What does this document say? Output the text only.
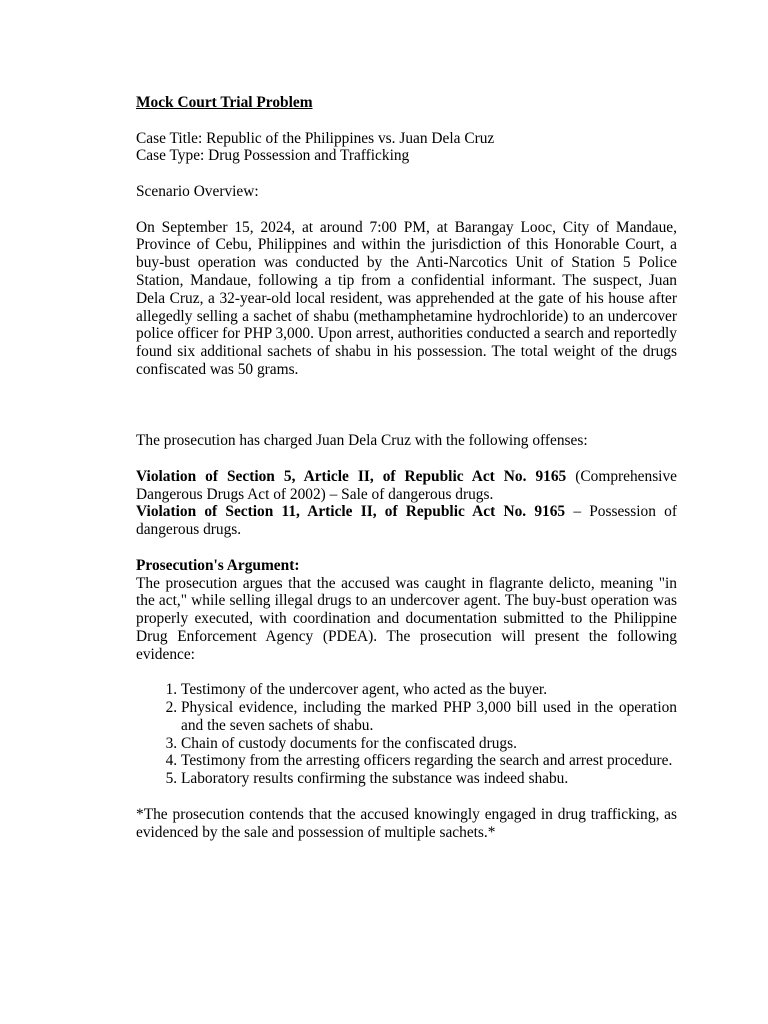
Mock Court Trial Problem

Case Title: Republic of the Philippines vs. Juan Dela Cruz

Case Type: Drug Possession and Trafficking

Scenario Overview:

On September 15, 2024, at around 7:00 PM, at Barangay Looc, City of Mandaue, Province of Cebu, Philippines and within the jurisdiction of this Honorable Court, a buy-bust operation was conducted by the Anti-Narcotics Unit of Station 5 Police Station, Mandaue, following a tip from a confidential informant. The suspect, Juan Dela Cruz, a 32-year-old local resident, was apprehended at the gate of his house after allegedly selling a sachet of shabu (methamphetamine hydrochloride) to an undercover police officer for PHP 3,000. Upon arrest, authorities conducted a search and reportedly found six additional sachets of shabu in his possession. The total weight of the drugs confiscated was 50 grams.

The prosecution has charged Juan Dela Cruz with the following offenses:

Violation of Section 5, Article II, of Republic Act No. 9165 (Comprehensive Dangerous Drugs Act of 2002) – Sale of dangerous drugs.

Violation of Section 11, Article II, of Republic Act No. 9165 – Possession of dangerous drugs.

Prosecution's Argument:

The prosecution argues that the accused was caught in flagrante delicto, meaning "in the act," while selling illegal drugs to an undercover agent. The buy-bust operation was properly executed, with coordination and documentation submitted to the Philippine Drug Enforcement Agency (PDEA). The prosecution will present the following evidence:

1. Testimony of the undercover agent, who acted as the buyer.
2. Physical evidence, including the marked PHP 3,000 bill used in the operation and the seven sachets of shabu.
3. Chain of custody documents for the confiscated drugs.
4. Testimony from the arresting officers regarding the search and arrest procedure.
5. Laboratory results confirming the substance was indeed shabu.

*The prosecution contends that the accused knowingly engaged in drug trafficking, as evidenced by the sale and possession of multiple sachets.*
